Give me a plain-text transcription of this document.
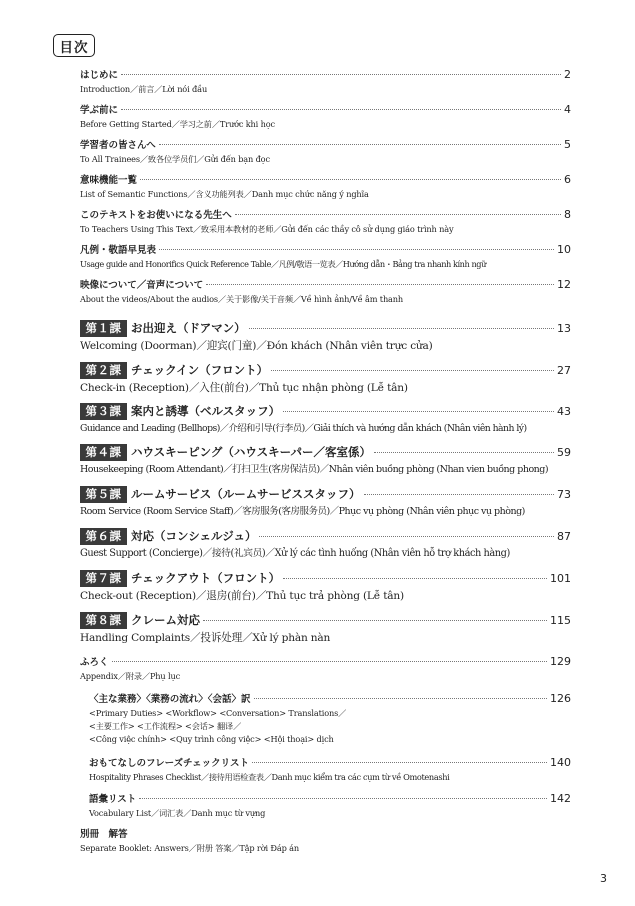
目次
はじめに	2
Introduction／前言／Lời nói đầu
学ぶ前に	4
Before Getting Started／学习之前／Trước khi học
学習者の皆さんへ	5
To All Trainees／致各位学员们／Gửi đến bạn đọc
意味機能一覧	6
List of Semantic Functions／含义功能列表／Danh mục chức năng ý nghĩa
このテキストをお使いになる先生へ	8
To Teachers Using This Text／致采用本教材的老师／Gửi đến các thầy cô sử dụng giáo trình này
凡例・敬語早見表	10
Usage guide and Honorifics Quick Reference Table／凡例/敬语一览表／Hướng dẫn・Bảng tra nhanh kính ngữ
映像について／音声について	12
About the videos/About the audios／关于影像/关于音频／Về hình ảnh/Về âm thanh
第１課 お出迎え（ドアマン）	13
Welcoming (Doorman)／迎宾(门童)／Đón khách (Nhân viên trực cửa)
第２課 チェックイン（フロント）	27
Check-in (Reception)／入住(前台)／Thủ tục nhận phòng (Lễ tân)
第３課 案内と誘導（ベルスタッフ）	43
Guidance and Leading (Bellhops)／介绍和引导(行李员)／Giải thích và hướng dẫn khách (Nhân viên hành lý)
第４課 ハウスキーピング（ハウスキーパー／客室係）	59
Housekeeping (Room Attendant)／打扫卫生(客房保洁员)／Nhân viên buồng phòng (Nhan vien buồng phong)
第５課 ルームサービス（ルームサービススタッフ）	73
Room Service (Room Service Staff)／客房服务(客房服务员)／Phục vụ phòng (Nhân viên phục vụ phòng)
第６課 対応（コンシェルジュ）	87
Guest Support (Concierge)／接待(礼宾员)／Xử lý các tình huống (Nhân viên hỗ trợ khách hàng)
第７課 チェックアウト（フロント）	101
Check-out (Reception)／退房(前台)／Thủ tục trả phòng (Lễ tân)
第８課 クレーム対応	115
Handling Complaints／投诉处理／Xử lý phàn nàn
ふろく	129
Appendix／附录／Phụ lục
〈主な業務〉〈業務の流れ〉〈会話〉訳	126
<Primary Duties> <Workflow> <Conversation> Translations／
<主要工作> <工作流程> <会话> 翻译／
<Công việc chính> <Quy trình công việc> <Hội thoại> dịch
おもてなしのフレーズチェックリスト	140
Hospitality Phrases Checklist／接待用语检查表／Danh mục kiểm tra các cụm từ về Omotenashi
語彙リスト	142
Vocabulary List／词汇表／Danh mục từ vựng
別冊　解答
Separate Booklet: Answers／附册 答案／Tập rời Đáp án
3
